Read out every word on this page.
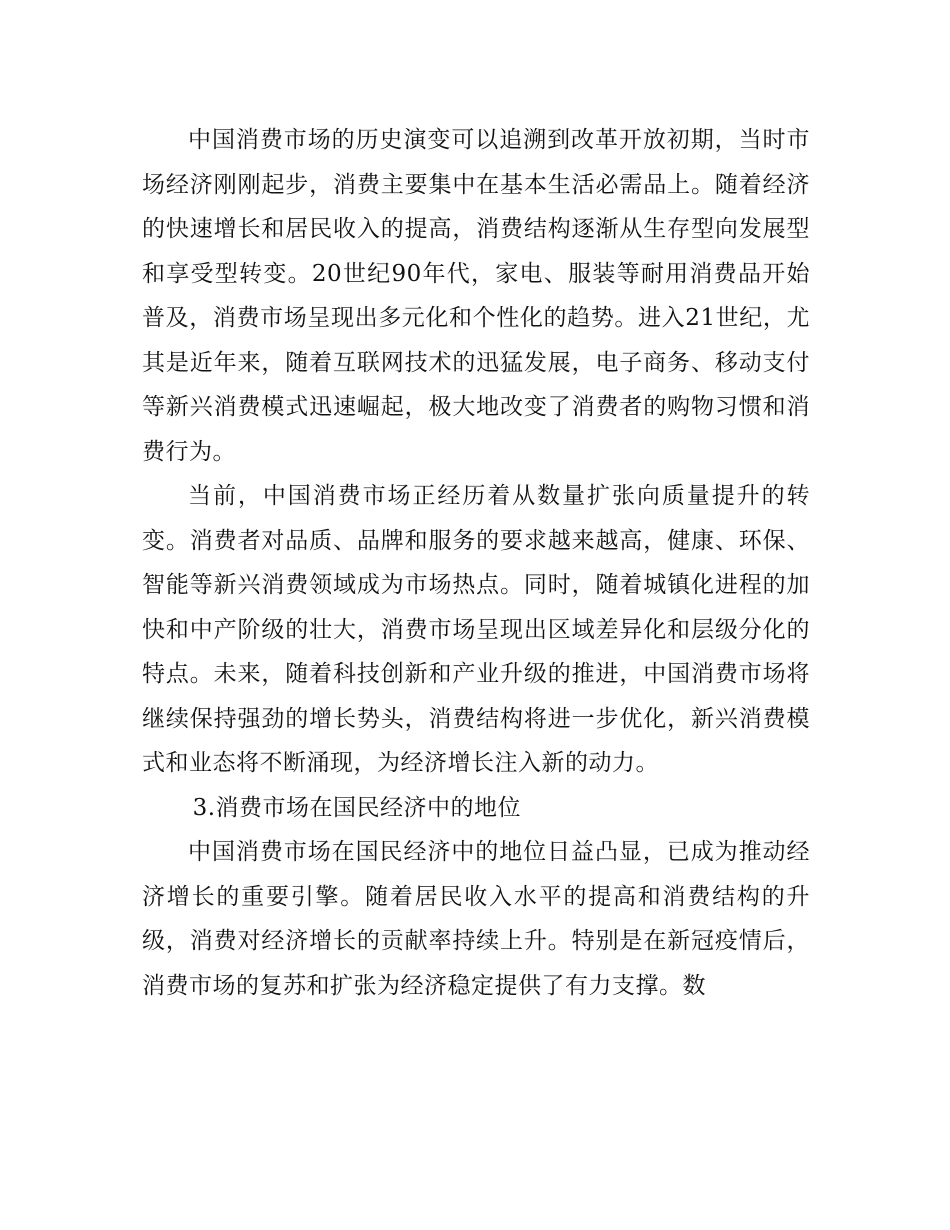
中国消费市场的历史演变可以追溯到改革开放初期，当时市场经济刚刚起步，消费主要集中在基本生活必需品上。随着经济的快速增长和居民收入的提高，消费结构逐渐从生存型向发展型和享受型转变。20世纪90年代，家电、服装等耐用消费品开始普及，消费市场呈现出多元化和个性化的趋势。进入21世纪，尤其是近年来，随着互联网技术的迅猛发展，电子商务、移动支付等新兴消费模式迅速崛起，极大地改变了消费者的购物习惯和消费行为。

当前，中国消费市场正经历着从数量扩张向质量提升的转变。消费者对品质、品牌和服务的要求越来越高，健康、环保、智能等新兴消费领域成为市场热点。同时，随着城镇化进程的加快和中产阶级的壮大，消费市场呈现出区域差异化和层级分化的特点。未来，随着科技创新和产业升级的推进，中国消费市场将继续保持强劲的增长势头，消费结构将进一步优化，新兴消费模式和业态将不断涌现，为经济增长注入新的动力。

3.消费市场在国民经济中的地位

中国消费市场在国民经济中的地位日益凸显，已成为推动经济增长的重要引擎。随着居民收入水平的提高和消费结构的升级，消费对经济增长的贡献率持续上升。特别是在新冠疫情后，消费市场的复苏和扩张为经济稳定提供了有力支撑。数
